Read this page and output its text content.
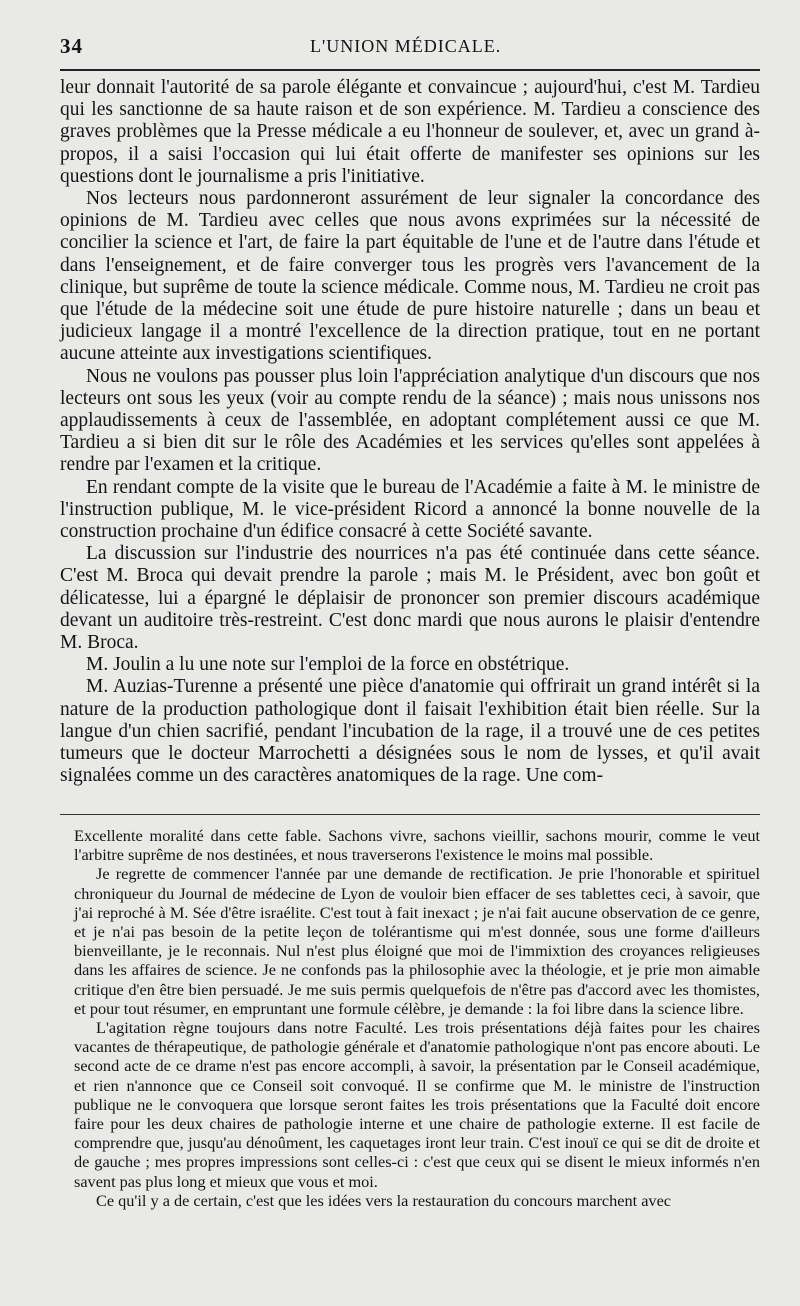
34	L'UNION MÉDICALE.

leur donnait l'autorité de sa parole élégante et convaincue ; aujourd'hui, c'est M. Tardieu qui les sanctionne de sa haute raison et de son expérience. M. Tardieu a conscience des graves problèmes que la Presse médicale a eu l'honneur de soulever, et, avec un grand à-propos, il a saisi l'occasion qui lui était offerte de manifester ses opinions sur les questions dont le journalisme a pris l'initiative.

Nos lecteurs nous pardonneront assurément de leur signaler la concordance des opinions de M. Tardieu avec celles que nous avons exprimées sur la nécessité de concilier la science et l'art, de faire la part équitable de l'une et de l'autre dans l'étude et dans l'enseignement, et de faire converger tous les progrès vers l'avancement de la clinique, but suprême de toute la science médicale. Comme nous, M. Tardieu ne croit pas que l'étude de la médecine soit une étude de pure histoire naturelle ; dans un beau et judicieux langage il a montré l'excellence de la direction pratique, tout en ne portant aucune atteinte aux investigations scientifiques.

Nous ne voulons pas pousser plus loin l'appréciation analytique d'un discours que nos lecteurs ont sous les yeux (voir au compte rendu de la séance) ; mais nous unissons nos applaudissements à ceux de l'assemblée, en adoptant complétement aussi ce que M. Tardieu a si bien dit sur le rôle des Académies et les services qu'elles sont appelées à rendre par l'examen et la critique.

En rendant compte de la visite que le bureau de l'Académie a faite à M. le ministre de l'instruction publique, M. le vice-président Ricord a annoncé la bonne nouvelle de la construction prochaine d'un édifice consacré à cette Société savante.

La discussion sur l'industrie des nourrices n'a pas été continuée dans cette séance. C'est M. Broca qui devait prendre la parole ; mais M. le Président, avec bon goût et délicatesse, lui a épargné le déplaisir de prononcer son premier discours académique devant un auditoire très-restreint. C'est donc mardi que nous aurons le plaisir d'entendre M. Broca.

M. Joulin a lu une note sur l'emploi de la force en obstétrique.

M. Auzias-Turenne a présenté une pièce d'anatomie qui offrirait un grand intérêt si la nature de la production pathologique dont il faisait l'exhibition était bien réelle. Sur la langue d'un chien sacrifié, pendant l'incubation de la rage, il a trouvé une de ces petites tumeurs que le docteur Marrochetti a désignées sous le nom de lysses, et qu'il avait signalées comme un des caractères anatomiques de la rage. Une com-

Excellente moralité dans cette fable. Sachons vivre, sachons vieillir, sachons mourir, comme le veut l'arbitre suprême de nos destinées, et nous traverserons l'existence le moins mal possible.

Je regrette de commencer l'année par une demande de rectification. Je prie l'honorable et spirituel chroniqueur du Journal de médecine de Lyon de vouloir bien effacer de ses tablettes ceci, à savoir, que j'ai reproché à M. Sée d'être israélite. C'est tout à fait inexact ; je n'ai fait aucune observation de ce genre, et je n'ai pas besoin de la petite leçon de tolérantisme qui m'est donnée, sous une forme d'ailleurs bienveillante, je le reconnais. Nul n'est plus éloigné que moi de l'immixtion des croyances religieuses dans les affaires de science. Je ne confonds pas la philosophie avec la théologie, et je prie mon aimable critique d'en être bien persuadé. Je me suis permis quelquefois de n'être pas d'accord avec les thomistes, et pour tout résumer, en empruntant une formule célèbre, je demande : la foi libre dans la science libre.

L'agitation règne toujours dans notre Faculté. Les trois présentations déjà faites pour les chaires vacantes de thérapeutique, de pathologie générale et d'anatomie pathologique n'ont pas encore abouti. Le second acte de ce drame n'est pas encore accompli, à savoir, la présentation par le Conseil académique, et rien n'annonce que ce Conseil soit convoqué. Il se confirme que M. le ministre de l'instruction publique ne le convoquera que lorsque seront faites les trois présentations que la Faculté doit encore faire pour les deux chaires de pathologie interne et une chaire de pathologie externe. Il est facile de comprendre que, jusqu'au dénoûment, les caquetages iront leur train. C'est inouï ce qui se dit de droite et de gauche ; mes propres impressions sont celles-ci : c'est que ceux qui se disent le mieux informés n'en savent pas plus long et mieux que vous et moi.

Ce qu'il y a de certain, c'est que les idées vers la restauration du concours marchent avec
